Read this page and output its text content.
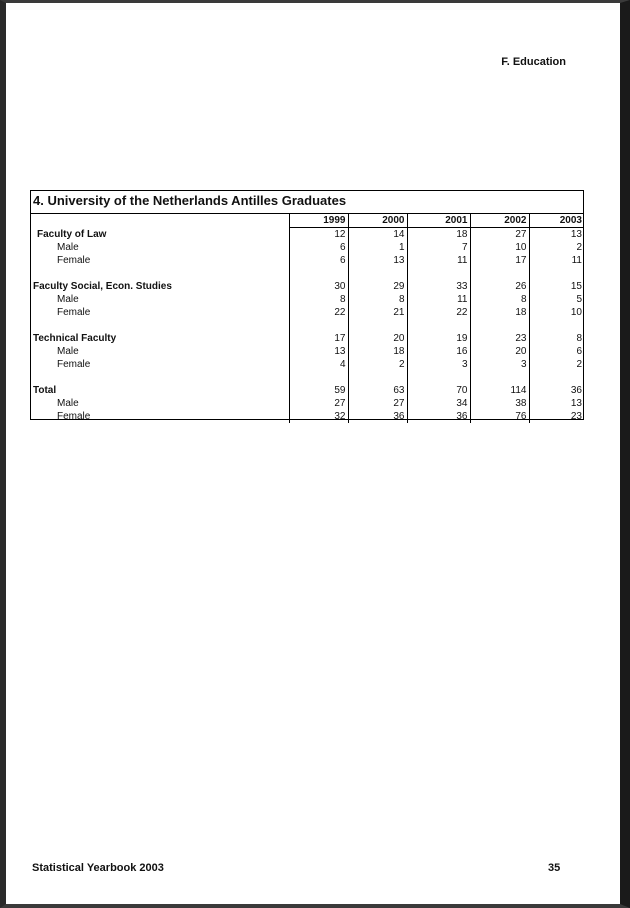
F. Education
4. University of the Netherlands Antilles Graduates
	1999	2000	2001	2002	2003
Faculty of Law	12	14	18	27	13
Male	6	1	7	10	2
Female	6	13	11	17	11

Faculty Social, Econ. Studies	30	29	33	26	15
Male	8	8	11	8	5
Female	22	21	22	18	10

Technical Faculty	17	20	19	23	8
Male	13	18	16	20	6
Female	4	2	3	3	2

Total	59	63	70	114	36
Male	27	27	34	38	13
Female	32	36	36	76	23
Statistical Yearbook 2003	35
